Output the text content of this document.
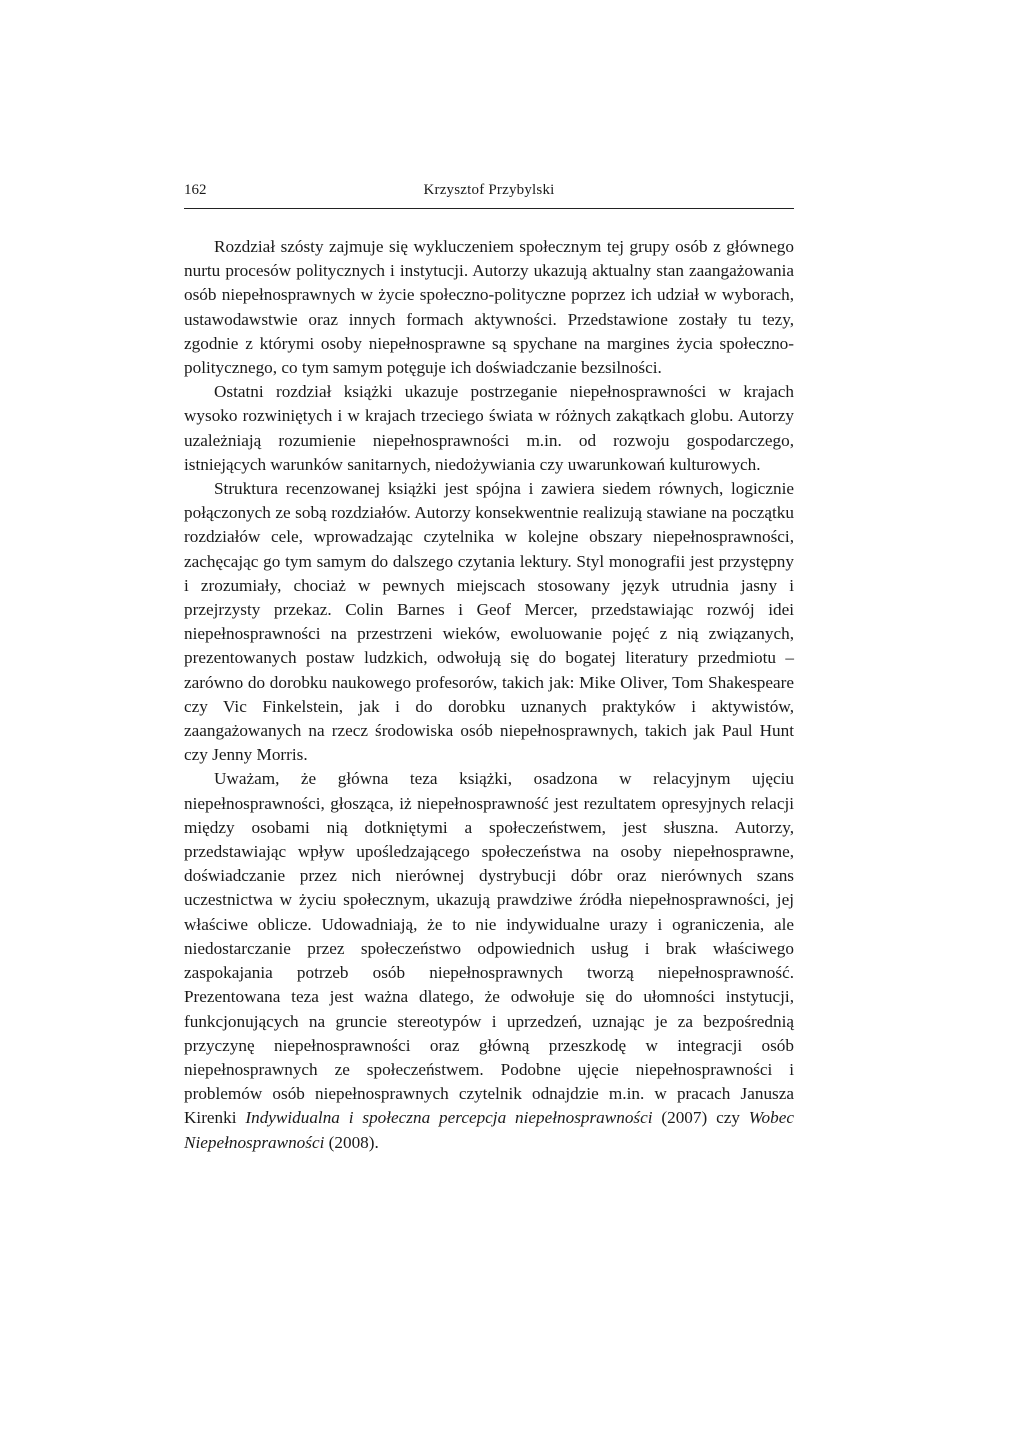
162	Krzysztof Przybylski

Rozdział szósty zajmuje się wykluczeniem społecznym tej grupy osób z głównego nurtu procesów politycznych i instytucji. Autorzy ukazują aktualny stan zaangażowania osób niepełnosprawnych w życie społeczno-polityczne poprzez ich udział w wyborach, ustawodawstwie oraz innych formach aktywności. Przedstawione zostały tu tezy, zgodnie z którymi osoby niepełnosprawne są spychane na margines życia społeczno-politycznego, co tym samym potęguje ich doświadczanie bezsilności.

Ostatni rozdział książki ukazuje postrzeganie niepełnosprawności w krajach wysoko rozwiniętych i w krajach trzeciego świata w różnych zakątkach globu. Autorzy uzależniają rozumienie niepełnosprawności m.in. od rozwoju gospodarczego, istniejących warunków sanitarnych, niedożywiania czy uwarunkowań kulturowych.

Struktura recenzowanej książki jest spójna i zawiera siedem równych, logicznie połączonych ze sobą rozdziałów. Autorzy konsekwentnie realizują stawiane na początku rozdziałów cele, wprowadzając czytelnika w kolejne obszary niepełnosprawności, zachęcając go tym samym do dalszego czytania lektury. Styl monografii jest przystępny i zrozumiały, chociaż w pewnych miejscach stosowany język utrudnia jasny i przejrzysty przekaz. Colin Barnes i Geof Mercer, przedstawiając rozwój idei niepełnosprawności na przestrzeni wieków, ewoluowanie pojęć z nią związanych, prezentowanych postaw ludzkich, odwołują się do bogatej literatury przedmiotu – zarówno do dorobku naukowego profesorów, takich jak: Mike Oliver, Tom Shakespeare czy Vic Finkelstein, jak i do dorobku uznanych praktyków i aktywistów, zaangażowanych na rzecz środowiska osób niepełnosprawnych, takich jak Paul Hunt czy Jenny Morris.

Uważam, że główna teza książki, osadzona w relacyjnym ujęciu niepełnosprawności, głosząca, iż niepełnosprawność jest rezultatem opresyjnych relacji między osobami nią dotkniętymi a społeczeństwem, jest słuszna. Autorzy, przedstawiając wpływ upośledzającego społeczeństwa na osoby niepełnosprawne, doświadczanie przez nich nierównej dystrybucji dóbr oraz nierównych szans uczestnictwa w życiu społecznym, ukazują prawdziwe źródła niepełnosprawności, jej właściwe oblicze. Udowadniają, że to nie indywidualne urazy i ograniczenia, ale niedostarczanie przez społeczeństwo odpowiednich usług i brak właściwego zaspokajania potrzeb osób niepełnosprawnych tworzą niepełnosprawność. Prezentowana teza jest ważna dlatego, że odwołuje się do ułomności instytucji, funkcjonujących na gruncie stereotypów i uprzedzeń, uznając je za bezpośrednią przyczynę niepełnosprawności oraz główną przeszkodę w integracji osób niepełnosprawnych ze społeczeństwem. Podobne ujęcie niepełnosprawności i problemów osób niepełnosprawnych czytelnik odnajdzie m.in. w pracach Janusza Kirenki Indywidualna i społeczna percepcja niepełnosprawności (2007) czy Wobec Niepełnosprawności (2008).
